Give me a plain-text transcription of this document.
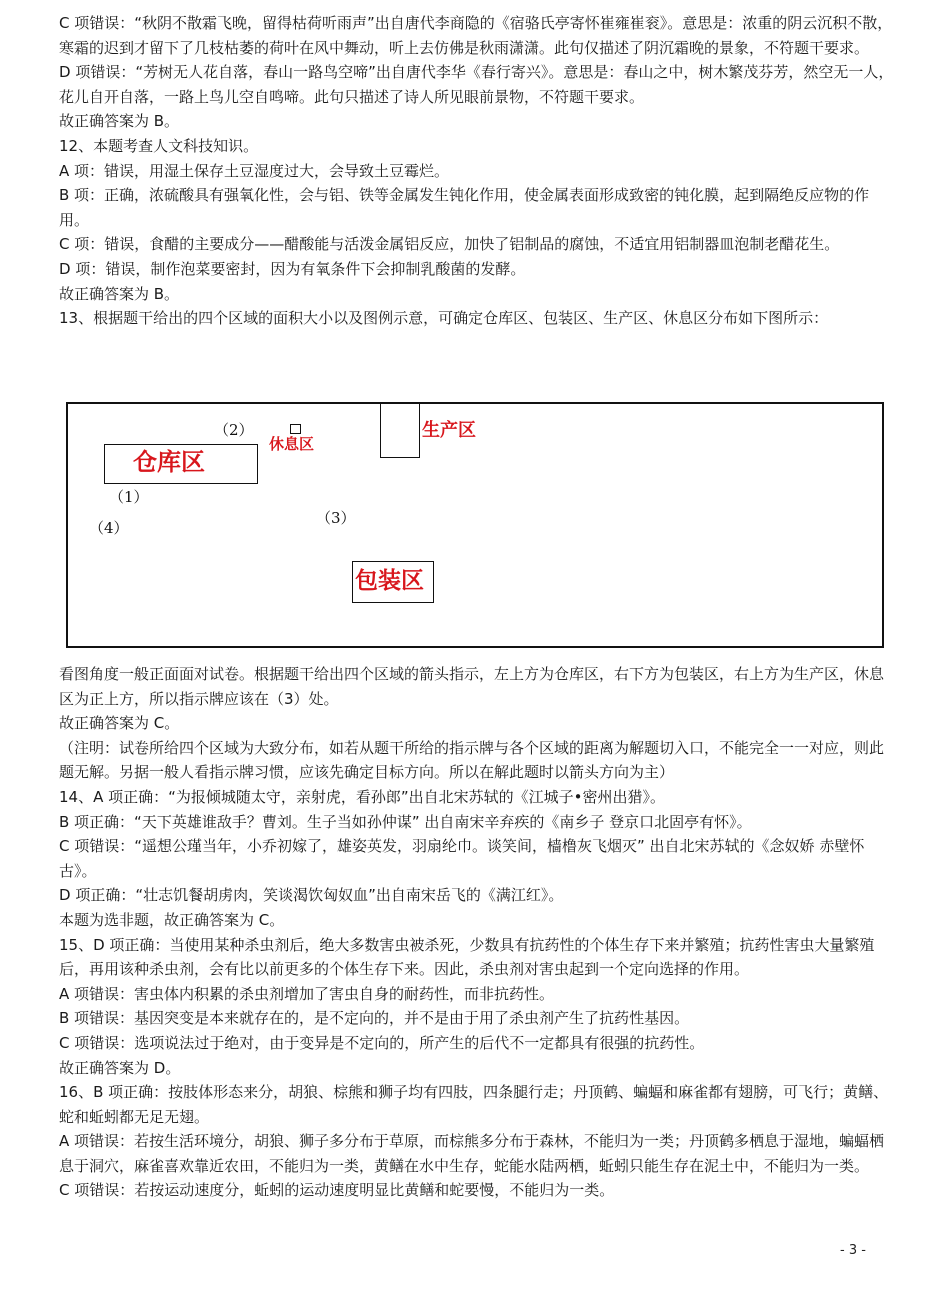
C 项错误：“秋阴不散霜飞晚，留得枯荷听雨声”出自唐代李商隐的《宿骆氏亭寄怀崔雍崔衮》。意思是：浓重的阴云沉积不散，寒霜的迟到才留下了几枝枯萎的荷叶在风中舞动，听上去仿佛是秋雨潇潇。此句仅描述了阴沉霜晚的景象，不符题干要求。

D 项错误：“芳树无人花自落，春山一路鸟空啼”出自唐代李华《春行寄兴》。意思是：春山之中，树木繁茂芬芳，然空无一人，花儿自开自落，一路上鸟儿空自鸣啼。此句只描述了诗人所见眼前景物，不符题干要求。

故正确答案为 B。

12、本题考查人文科技知识。

A 项：错误，用湿土保存土豆湿度过大，会导致土豆霉烂。

B 项：正确，浓硫酸具有强氧化性，会与铝、铁等金属发生钝化作用，使金属表面形成致密的钝化膜，起到隔绝反应物的作用。

C 项：错误，食醋的主要成分——醋酸能与活泼金属铝反应，加快了铝制品的腐蚀，不适宜用铝制器皿泡制老醋花生。

D 项：错误，制作泡菜要密封，因为有氧条件下会抑制乳酸菌的发酵。

故正确答案为 B。

13、根据题干给出的四个区域的面积大小以及图例示意，可确定仓库区、包装区、生产区、休息区分布如下图所示：

仓库区
生产区
休息区
包装区
（2）
（1）
（4）
（3）

看图角度一般正面面对试卷。根据题干给出四个区域的箭头指示，左上方为仓库区，右下方为包装区，右上方为生产区，休息区为正上方，所以指示牌应该在（3）处。

故正确答案为 C。

（注明：试卷所给四个区域为大致分布，如若从题干所给的指示牌与各个区域的距离为解题切入口，不能完全一一对应，则此题无解。另据一般人看指示牌习惯，应该先确定目标方向。所以在解此题时以箭头方向为主）

14、A 项正确：“为报倾城随太守，亲射虎，看孙郎”出自北宋苏轼的《江城子•密州出猎》。

B 项正确：“天下英雄谁敌手？曹刘。生子当如孙仲谋” 出自南宋辛弃疾的《南乡子 登京口北固亭有怀》。

C 项错误：“遥想公瑾当年，小乔初嫁了，雄姿英发，羽扇纶巾。谈笑间，樯橹灰飞烟灭” 出自北宋苏轼的《念奴娇 赤壁怀古》。

D 项正确：“壮志饥餐胡虏肉，笑谈渴饮匈奴血”出自南宋岳飞的《满江红》。

本题为选非题，故正确答案为 C。

15、D 项正确：当使用某种杀虫剂后，绝大多数害虫被杀死，少数具有抗药性的个体生存下来并繁殖；抗药性害虫大量繁殖后，再用该种杀虫剂，会有比以前更多的个体生存下来。因此，杀虫剂对害虫起到一个定向选择的作用。

A 项错误：害虫体内积累的杀虫剂增加了害虫自身的耐药性，而非抗药性。

B 项错误：基因突变是本来就存在的，是不定向的，并不是由于用了杀虫剂产生了抗药性基因。

C 项错误：选项说法过于绝对，由于变异是不定向的，所产生的后代不一定都具有很强的抗药性。

故正确答案为 D。

16、B 项正确：按肢体形态来分，胡狼、棕熊和狮子均有四肢，四条腿行走；丹顶鹤、蝙蝠和麻雀都有翅膀，可飞行；黄鳝、蛇和蚯蚓都无足无翅。

A 项错误：若按生活环境分，胡狼、狮子多分布于草原，而棕熊多分布于森林，不能归为一类；丹顶鹤多栖息于湿地，蝙蝠栖息于洞穴，麻雀喜欢靠近农田，不能归为一类，黄鳝在水中生存，蛇能水陆两栖，蚯蚓只能生存在泥土中，不能归为一类。

C 项错误：若按运动速度分，蚯蚓的运动速度明显比黄鳝和蛇要慢，不能归为一类。

- 3 -
